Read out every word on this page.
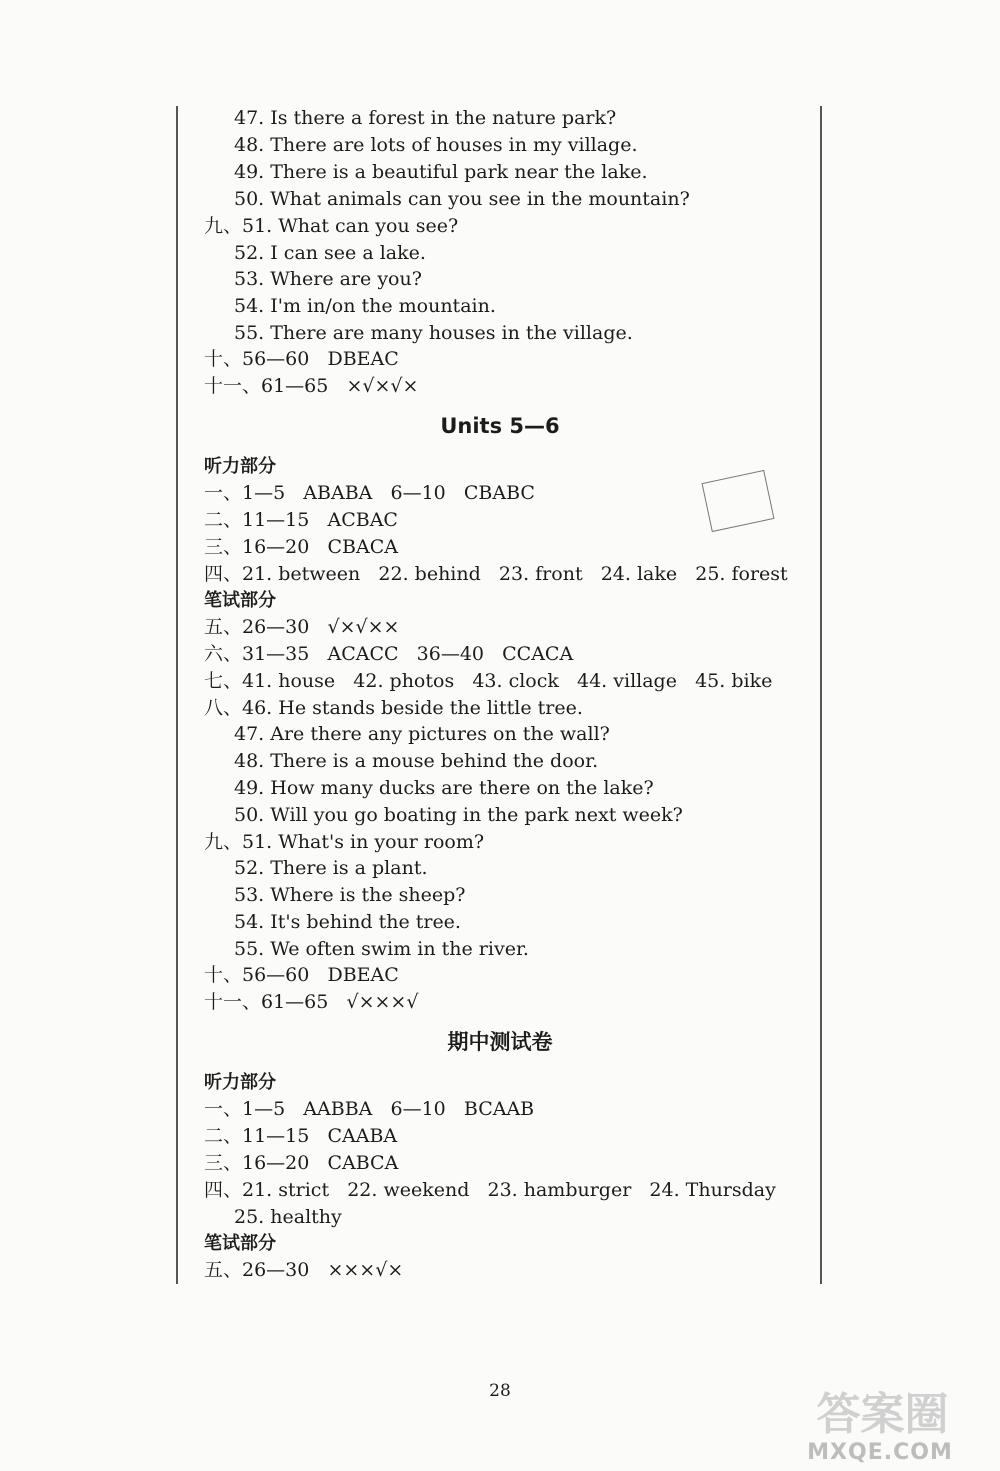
47. Is there a forest in the nature park?
48. There are lots of houses in my village.
49. There is a beautiful park near the lake.
50. What animals can you see in the mountain?
九、51. What can you see?
52. I can see a lake.
53. Where are you?
54. I'm in/on the mountain.
55. There are many houses in the village.
十、56—60   DBEAC
十一、61—65   ×√×√×
Units 5—6
听力部分
一、1—5   ABABA   6—10   CBABC
二、11—15   ACBAC
三、16—20   CBACA
四、21. between   22. behind   23. front   24. lake   25. forest
笔试部分
五、26—30   √×√××
六、31—35   ACACC   36—40   CCACA
七、41. house   42. photos   43. clock   44. village   45. bike
八、46. He stands beside the little tree.
47. Are there any pictures on the wall?
48. There is a mouse behind the door.
49. How many ducks are there on the lake?
50. Will you go boating in the park next week?
九、51. What's in your room?
52. There is a plant.
53. Where is the sheep?
54. It's behind the tree.
55. We often swim in the river.
十、56—60   DBEAC
十一、61—65   √×××√
期中测试卷
听力部分
一、1—5   AABBA   6—10   BCAAB
二、11—15   CAABA
三、16—20   CABCA
四、21. strict   22. weekend   23. hamburger   24. Thursday
25. healthy
笔试部分
五、26—30   ×××√×
28	答案圈
MXQE.COM
